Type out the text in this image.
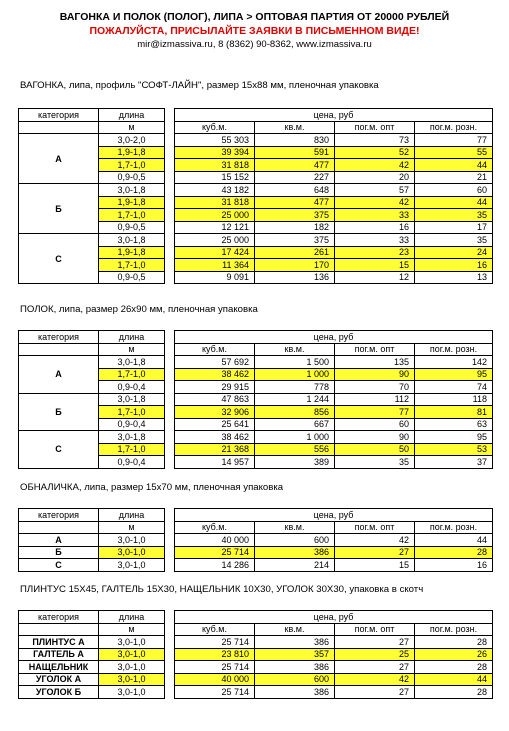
ВАГОНКА И ПОЛОК (ПОЛОГ), ЛИПА > ОПТОВАЯ ПАРТИЯ ОТ 20000 РУБЛЕЙ
ПОЖАЛУЙСТА, ПРИСЫЛАЙТЕ ЗАЯВКИ В ПИСЬМЕННОМ ВИДЕ!
mir@izmassiva.ru, 8 (8362) 90-8362, www.izmassiva.ru
ВАГОНКА, липа, профиль "СОФТ-ЛАЙН", размер 15х88 мм, пленочная упаковка
категория	длина		цена, руб			
	м		куб.м.	кв.м.	пог.м. опт	пог.м. розн.
А	3,0-2,0		55 303	830	73	77
	1,9-1,8		39 394	591	52	55
	1,7-1,0		31 818	477	42	44
	0,9-0,5		15 152	227	20	21
Б	3,0-1,8		43 182	648	57	60
	1,9-1,8		31 818	477	42	44
	1,7-1,0		25 000	375	33	35
	0,9-0,5		12 121	182	16	17
С	3,0-1,8		25 000	375	33	35
	1,9-1,8		17 424	261	23	24
	1,7-1,0		11 364	170	15	16
	0,9-0,5		9 091	136	12	13
ПОЛОК, липа, размер 26х90 мм, пленочная упаковка
категория	длина		цена, руб			
	м		куб.м.	кв.м.	пог.м. опт	пог.м. розн.
А	3,0-1,8		57 692	1 500	135	142
	1,7-1,0		38 462	1 000	90	95
	0,9-0,4		29 915	778	70	74
Б	3,0-1,8		47 863	1 244	112	118
	1,7-1,0		32 906	856	77	81
	0,9-0,4		25 641	667	60	63
С	3,0-1,8		38 462	1 000	90	95
	1,7-1,0		21 368	556	50	53
	0,9-0,4		14 957	389	35	37
ОБНАЛИЧКА, липа, размер 15х70 мм, пленочная упаковка
категория	длина		цена, руб			
	м		куб.м.	кв.м.	пог.м. опт	пог.м. розн.
А	3,0-1,0		40 000	600	42	44
Б	3,0-1,0		25 714	386	27	28
С	3,0-1,0		14 286	214	15	16
ПЛИНТУС 15Х45, ГАЛТЕЛЬ 15Х30, НАЩЕЛЬНИК 10Х30, УГОЛОК 30Х30, упаковка в скотч
категория	длина		цена, руб			
	м		куб.м.	кв.м.	пог.м. опт	пог.м. розн.
ПЛИНТУС А	3,0-1,0		25 714	386	27	28
ГАЛТЕЛЬ А	3,0-1,0		23 810	357	25	26
НАЩЕЛЬНИК	3,0-1,0		25 714	386	27	28
УГОЛОК А	3,0-1,0		40 000	600	42	44
УГОЛОК Б	3,0-1,0		25 714	386	27	28
